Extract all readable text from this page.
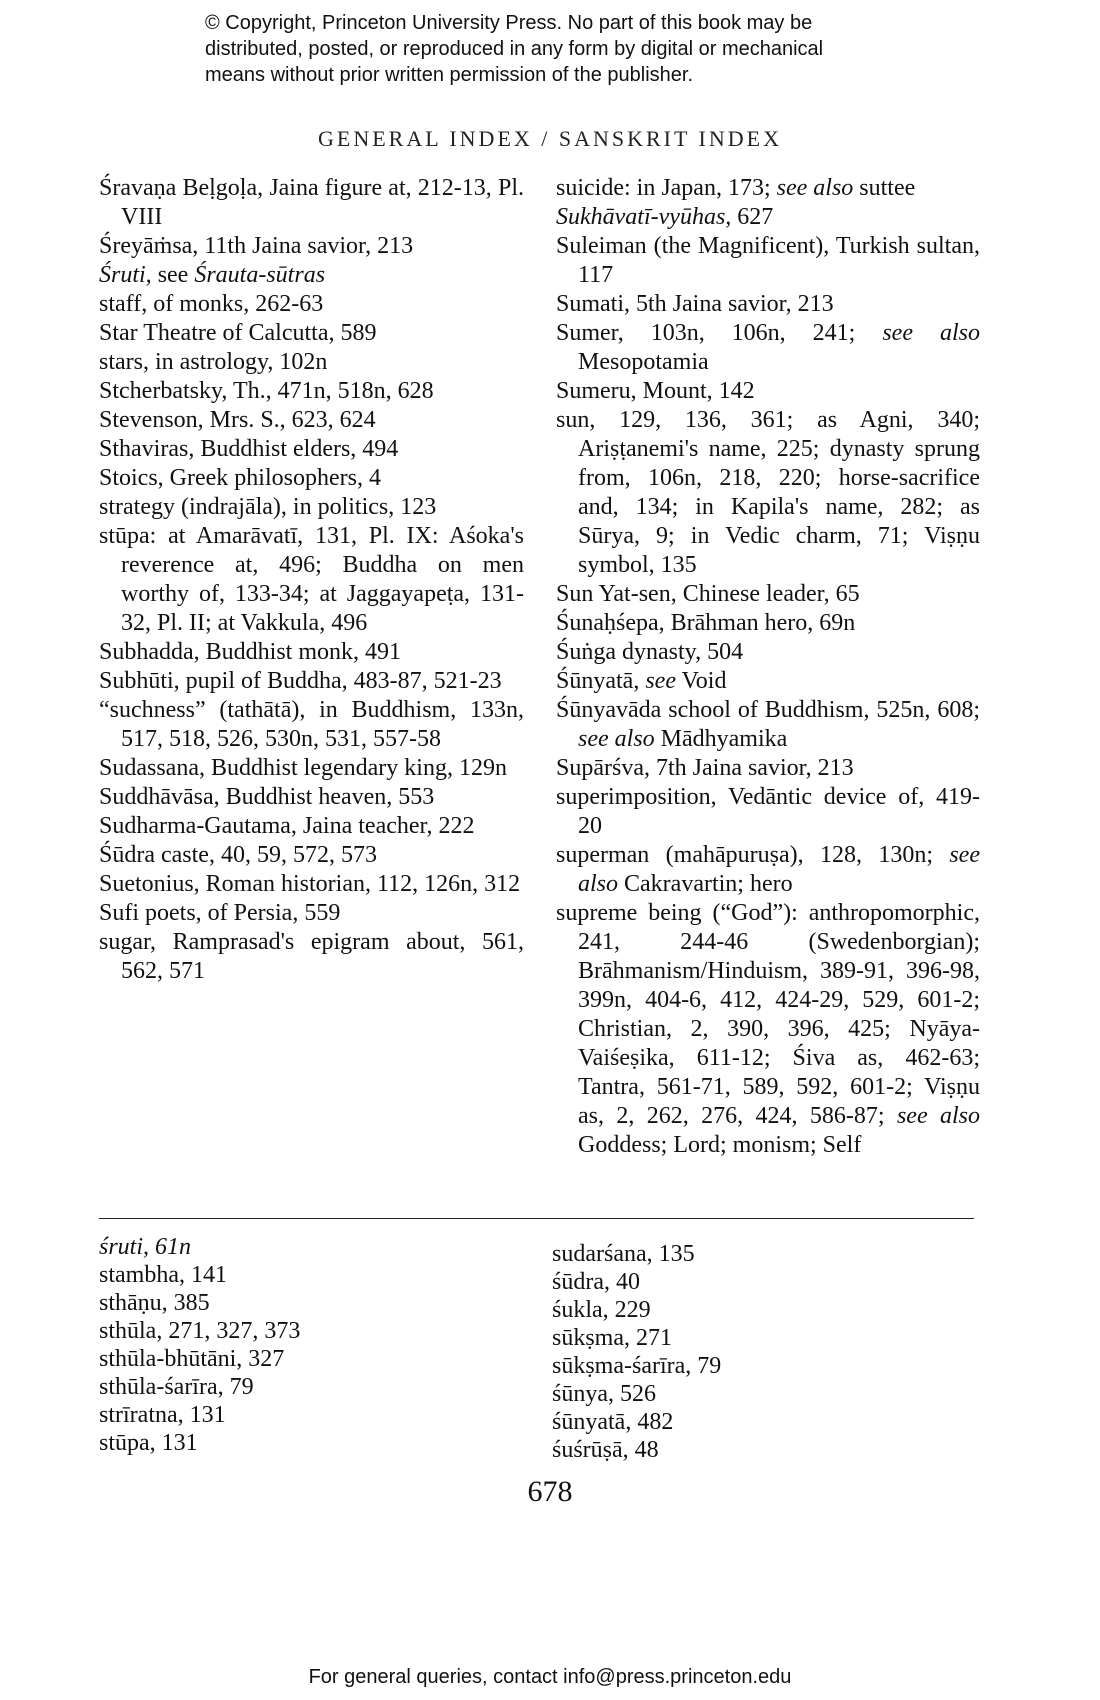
© Copyright, Princeton University Press. No part of this book may be
distributed, posted, or reproduced in any form by digital or mechanical
means without prior written permission of the publisher.
GENERAL INDEX / SANSKRIT INDEX

Śravaṇa Beḷgoḷa, Jaina figure at, 212-13, Pl. VIII

Śreyāṁsa, 11th Jaina savior, 213

Śruti, see Śrauta-sūtras

staff, of monks, 262-63

Star Theatre of Calcutta, 589

stars, in astrology, 102n

Stcherbatsky, Th., 471n, 518n, 628

Stevenson, Mrs. S., 623, 624

Sthaviras, Buddhist elders, 494

Stoics, Greek philosophers, 4

strategy (indrajāla), in politics, 123

stūpa: at Amarāvatī, 131, Pl. IX: Aśoka's reverence at, 496; Buddha on men worthy of, 133-34; at Jaggayapeṭa, 131-32, Pl. II; at Vakkula, 496

Subhadda, Buddhist monk, 491

Subhūti, pupil of Buddha, 483-87, 521-23

“suchness” (tathātā), in Buddhism, 133n, 517, 518, 526, 530n, 531, 557-58

Sudassana, Buddhist legendary king, 129n

Suddhāvāsa, Buddhist heaven, 553

Sudharma-Gautama, Jaina teacher, 222

Śūdra caste, 40, 59, 572, 573

Suetonius, Roman historian, 112, 126n, 312

Sufi poets, of Persia, 559

sugar, Ramprasad's epigram about, 561, 562, 571

suicide: in Japan, 173; see also suttee

Sukhāvatī-vyūhas, 627

Suleiman (the Magnificent), Turkish sultan, 117

Sumati, 5th Jaina savior, 213

Sumer, 103n, 106n, 241; see also Mesopotamia

Sumeru, Mount, 142

sun, 129, 136, 361; as Agni, 340; Ariṣṭanemi's name, 225; dynasty sprung from, 106n, 218, 220; horse-sacrifice and, 134; in Kapila's name, 282; as Sūrya, 9; in Vedic charm, 71; Viṣṇu symbol, 135

Sun Yat-sen, Chinese leader, 65

Śunaḥśepa, Brāhman hero, 69n

Śuṅga dynasty, 504

Śūnyatā, see Void

Śūnyavāda school of Buddhism, 525n, 608; see also Mādhyamika

Supārśva, 7th Jaina savior, 213

superimposition, Vedāntic device of, 419-20

superman (mahāpuruṣa), 128, 130n; see also Cakravartin; hero

supreme being (“God”): anthropomorphic, 241, 244-46 (Swedenborgian); Brāhmanism/Hinduism, 389-91, 396-98, 399n, 404-6, 412, 424-29, 529, 601-2; Christian, 2, 390, 396, 425; Nyāya-Vaiśeṣika, 611-12; Śiva as, 462-63; Tantra, 561-71, 589, 592, 601-2; Viṣṇu as, 2, 262, 276, 424, 586-87; see also Goddess; Lord; monism; Self

śruti, 61n

stambha, 141

sthāṇu, 385

sthūla, 271, 327, 373

sthūla-bhūtāni, 327

sthūla-śarīra, 79

strīratna, 131

stūpa, 131

sudarśana, 135

śūdra, 40

śukla, 229

sūkṣma, 271

sūkṣma-śarīra, 79

śūnya, 526

śūnyatā, 482

śuśrūṣā, 48

678
For general queries, contact info@press.princeton.edu
